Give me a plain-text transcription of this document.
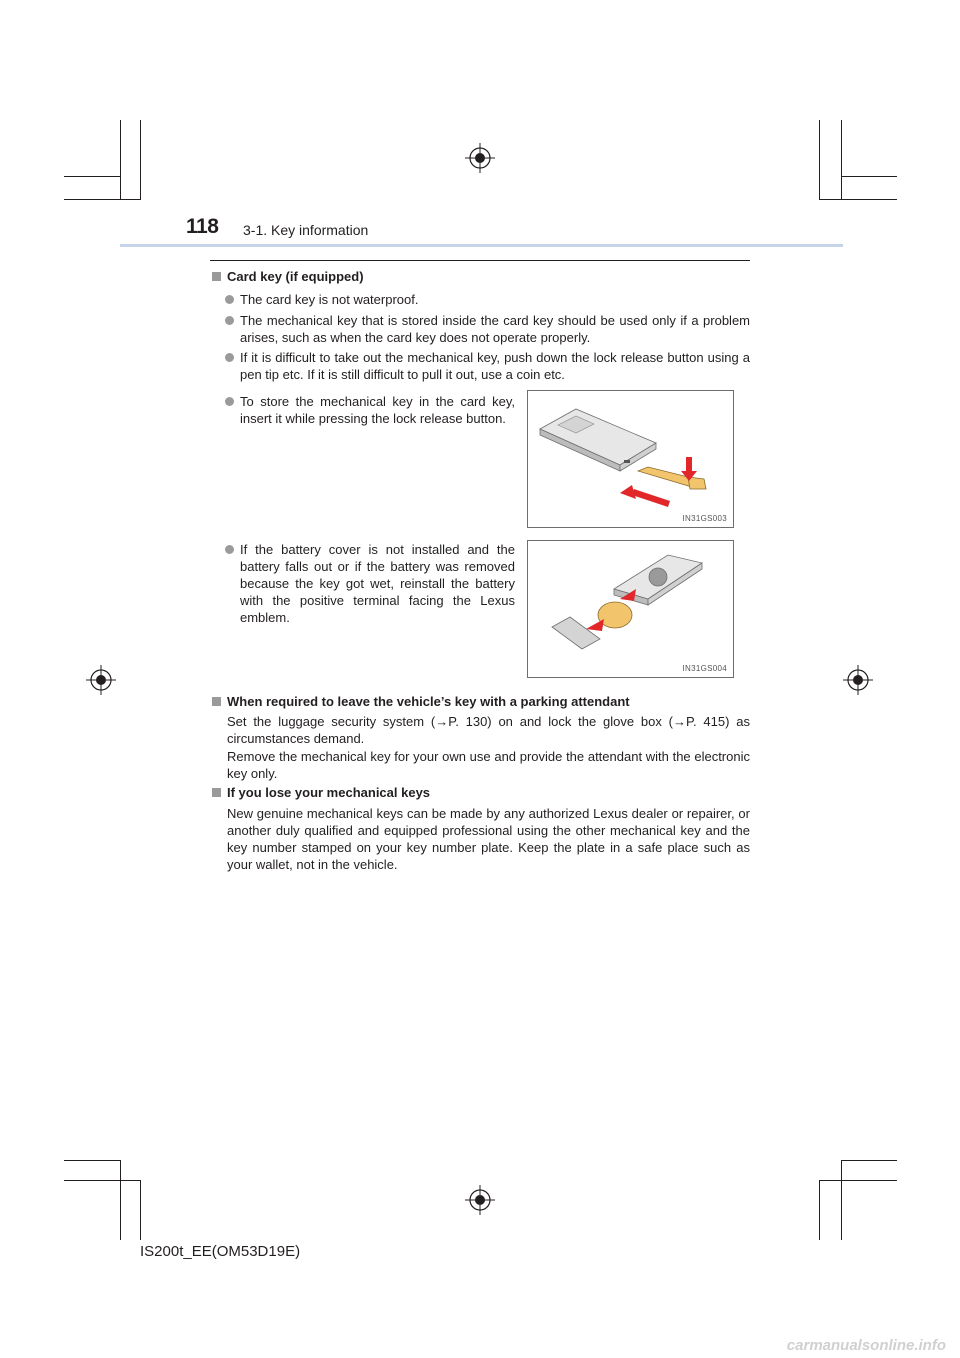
118 3-1. Key information
Card key (if equipped)
The card key is not waterproof.
The mechanical key that is stored inside the card key should be used only if a problem arises, such as when the card key does not operate properly.
If it is difficult to take out the mechanical key, push down the lock release button using a pen tip etc. If it is still difficult to pull it out, use a coin etc.
To store the mechanical key in the card key, insert it while pressing the lock release button.
If the battery cover is not installed and the battery falls out or if the battery was removed because the key got wet, reinstall the battery with the positive terminal facing the Lexus emblem.
IN31GS003
IN31GS004
When required to leave the vehicle’s key with a parking attendant
Set the luggage security system (→P. 130) on and lock the glove box (→P. 415) as circumstances demand.
Remove the mechanical key for your own use and provide the attendant with the electronic key only.
If you lose your mechanical keys
New genuine mechanical keys can be made by any authorized Lexus dealer or repairer, or another duly qualified and equipped professional using the other mechanical key and the key number stamped on your key number plate. Keep the plate in a safe place such as your wallet, not in the vehicle.
IS200t_EE(OM53D19E)
carmanualsonline.info
